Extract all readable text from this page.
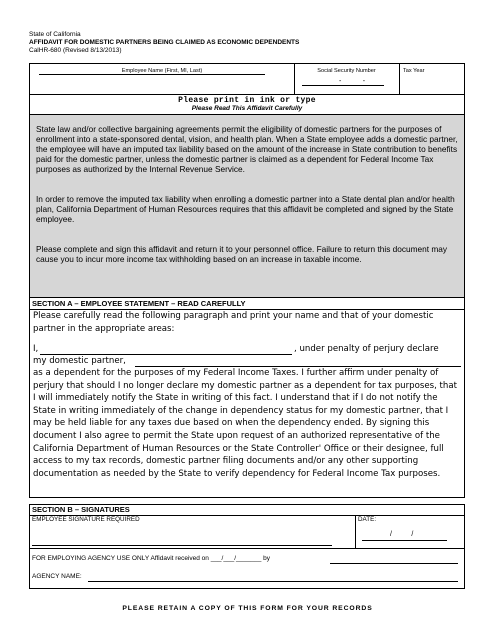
State of California
AFFIDAVIT FOR DOMESTIC PARTNERS BEING CLAIMED AS ECONOMIC DEPENDENTS
CalHR-680 (Revised 8/13/2013)
Employee Name (First, MI, Last)	Social Security Number
-           -
Tax Year
Please print in ink or type
Please Read This Affidavit Carefully
State law and/or collective bargaining agreements permit the eligibility of domestic partners for the purposes of enrollment into a state-sponsored dental, vision, and health plan. When a State employee adds a domestic partner, the employee will have an imputed tax liability based on the amount of the increase in State contribution to benefits paid for the domestic partner, unless the domestic partner is claimed as a dependent for Federal Income Tax purposes as authorized by the Internal Revenue Service.
In order to remove the imputed tax liability when enrolling a domestic partner into a State dental plan and/or health plan, California Department of Human Resources requires that this affidavit be completed and signed by the State employee.
Please complete and sign this affidavit and return it to your personnel office. Failure to return this document may cause you to incur more income tax withholding based on an increase in taxable income.
SECTION A – EMPLOYEE STATEMENT – READ CAREFULLY
Please carefully read the following paragraph and print your name and that of your domestic partner in the appropriate areas:
I,	, under penalty of perjury declare
my domestic partner,
as a dependent for the purposes of my Federal Income Taxes. I further affirm under penalty of perjury that should I no longer declare my domestic partner as a dependent for tax purposes, that I will immediately notify the State in writing of this fact. I understand that if I do not notify the State in writing immediately of the change in dependency status for my domestic partner, that I may be held liable for any taxes due based on when the dependency ended. By signing this document I also agree to permit the State upon request of an authorized representative of the California Department of Human Resources or the State Controller' Office or their designee, full access to my tax records, domestic partner filing documents and/or any other supporting documentation as needed by the State to verify dependency for Federal Income Tax purposes.
SECTION B – SIGNATURES
EMPLOYEE SIGNATURE REQUIRED	DATE:
/          /
FOR EMPLOYING AGENCY USE ONLY Affidavit received on ___/___/_______ by
AGENCY NAME:
PLEASE RETAIN A COPY OF THIS FORM FOR YOUR RECORDS
